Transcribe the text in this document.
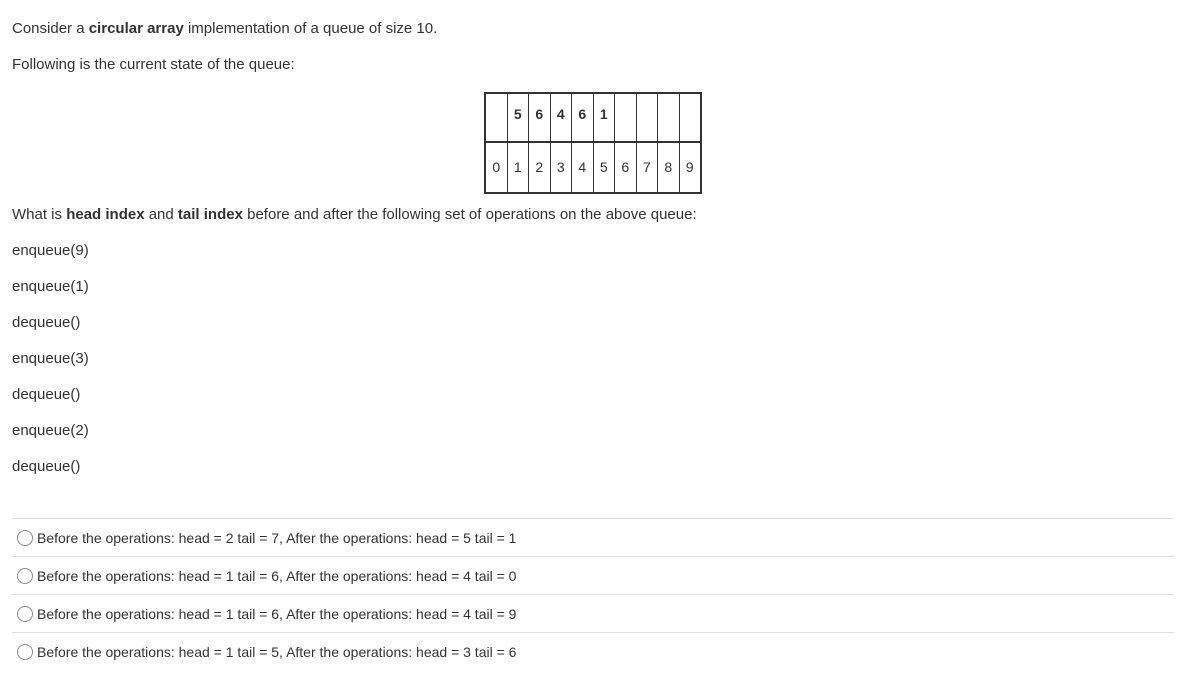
Consider a circular array implementation of a queue of size 10.
Following is the current state of the queue:
5 6 4 6 1
0 1 2 3 4 5 6 7 8 9
What is head index and tail index before and after the following set of operations on the above queue:
enqueue(9)
enqueue(1)
dequeue()
enqueue(3)
dequeue()
enqueue(2)
dequeue()
Before the operations: head = 2 tail = 7, After the operations: head = 5 tail = 1
Before the operations: head = 1 tail = 6, After the operations: head = 4 tail = 0
Before the operations: head = 1 tail = 6, After the operations: head = 4 tail = 9
Before the operations: head = 1 tail = 5, After the operations: head = 3 tail = 6
